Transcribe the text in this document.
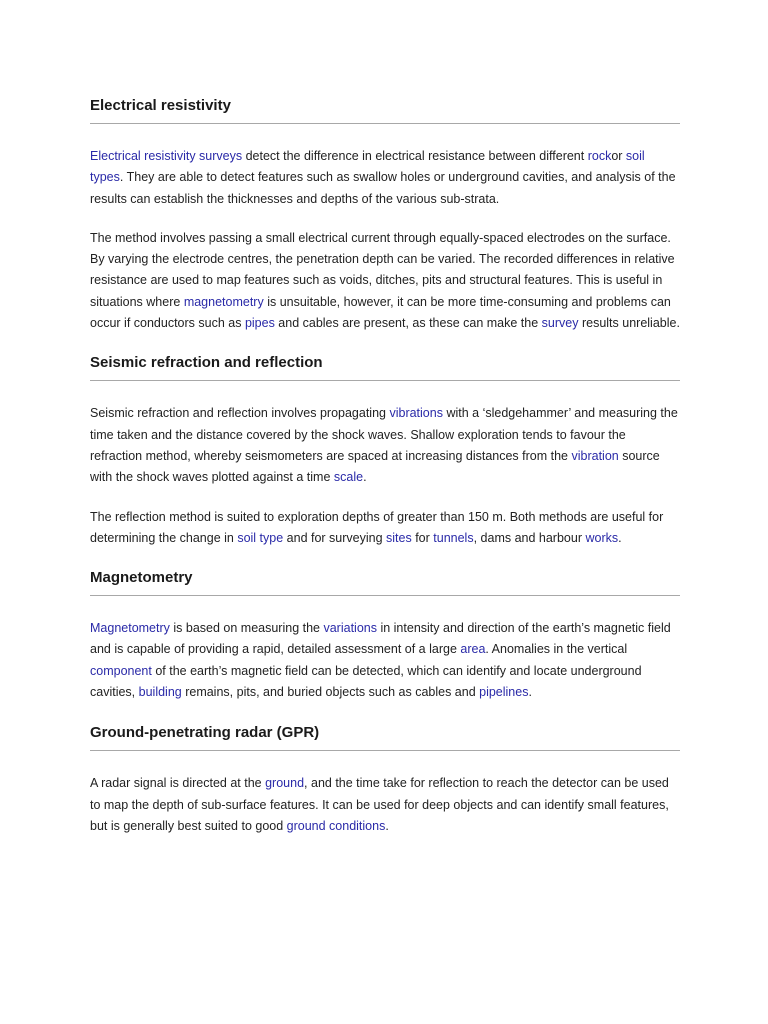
Electrical resistivity

Electrical resistivity surveys detect the difference in electrical resistance between different rockor soil types. They are able to detect features such as swallow holes or underground cavities, and analysis of the results can establish the thicknesses and depths of the various sub-strata.

The method involves passing a small electrical current through equally-spaced electrodes on the surface. By varying the electrode centres, the penetration depth can be varied. The recorded differences in relative resistance are used to map features such as voids, ditches, pits and structural features. This is useful in situations where magnetometry is unsuitable, however, it can be more time-consuming and problems can occur if conductors such as pipes and cables are present, as these can make the survey results unreliable.

Seismic refraction and reflection

Seismic refraction and reflection involves propagating vibrations with a ‘sledgehammer’ and measuring the time taken and the distance covered by the shock waves. Shallow exploration tends to favour the refraction method, whereby seismometers are spaced at increasing distances from the vibration source with the shock waves plotted against a time scale.

The reflection method is suited to exploration depths of greater than 150 m. Both methods are useful for determining the change in soil type and for surveying sites for tunnels, dams and harbour works.

Magnetometry

Magnetometry is based on measuring the variations in intensity and direction of the earth’s magnetic field and is capable of providing a rapid, detailed assessment of a large area. Anomalies in the vertical component of the earth’s magnetic field can be detected, which can identify and locate underground cavities, building remains, pits, and buried objects such as cables and pipelines.

Ground-penetrating radar (GPR)

A radar signal is directed at the ground, and the time take for reflection to reach the detector can be used to map the depth of sub-surface features. It can be used for deep objects and can identify small features, but is generally best suited to good ground conditions.
